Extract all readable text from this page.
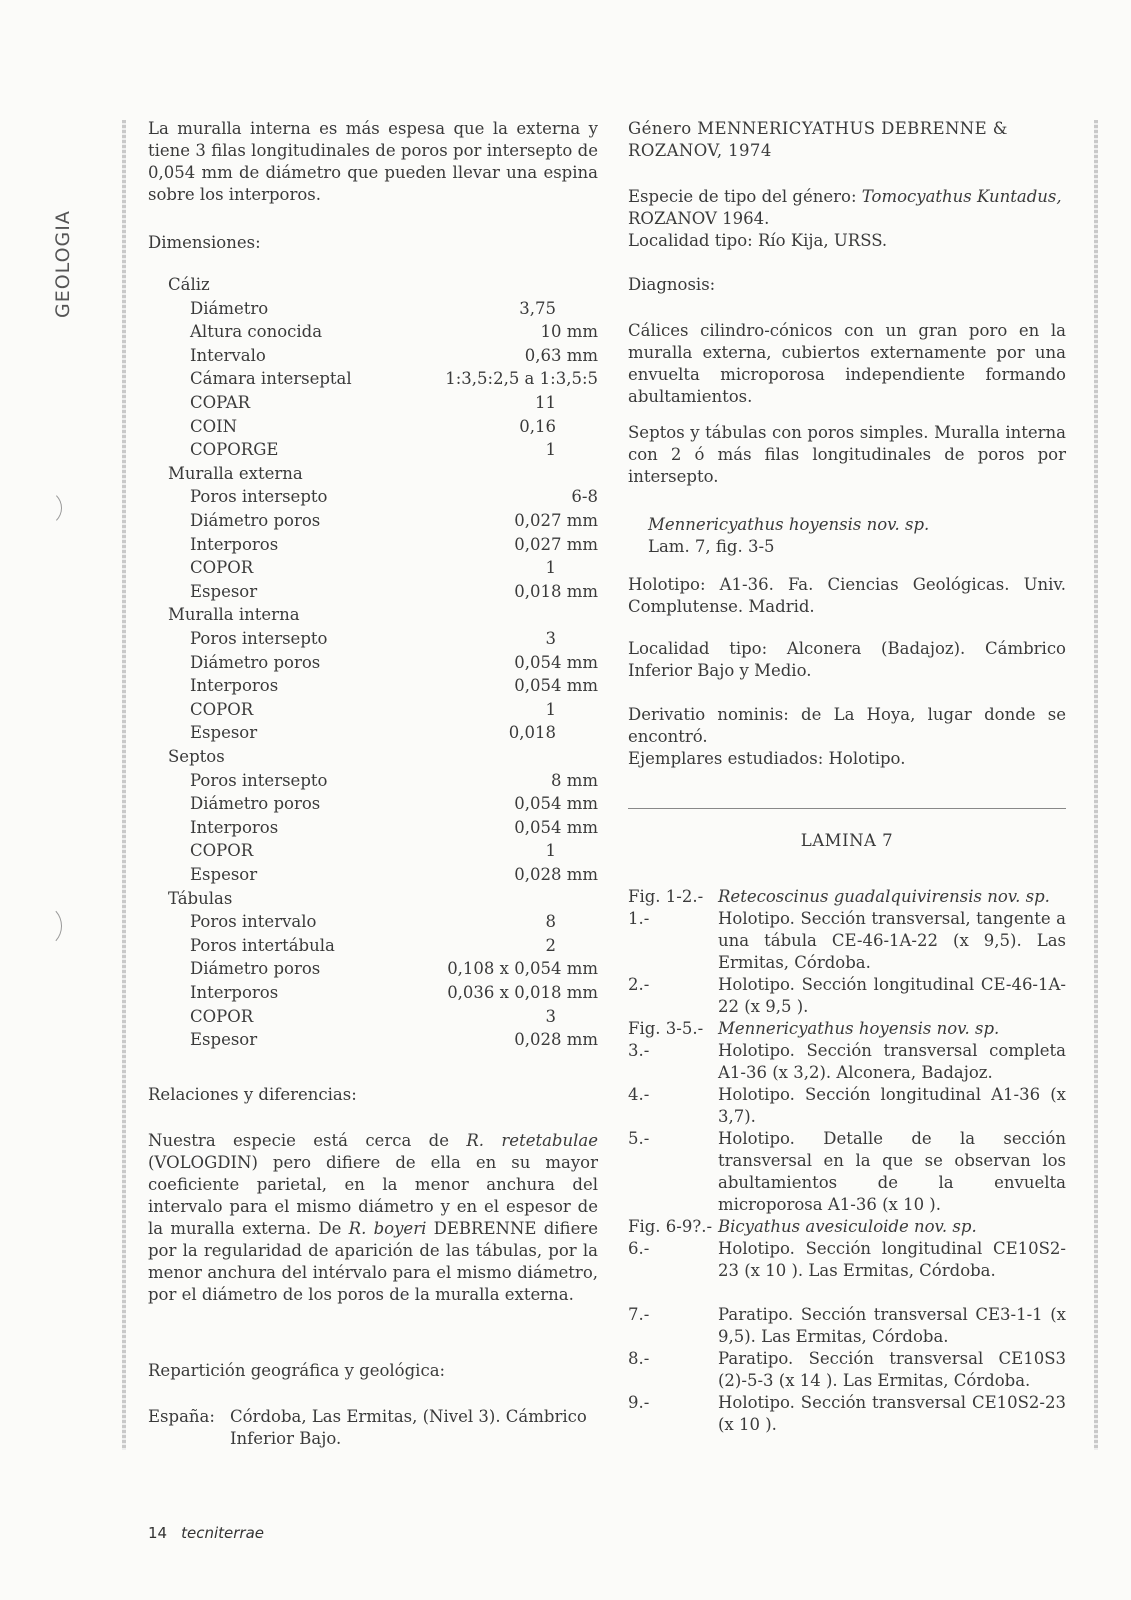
GEOLOGIA

La muralla interna es más espesa que la externa y tiene 3 filas longitudinales de poros por intersepto de 0,054 mm de diámetro que pueden llevar una espina sobre los interporos.

Dimensiones:

Cáliz
Diámetro	3,75
Altura conocida	10 mm
Intervalo	0,63 mm
Cámara interseptal	1:3,5:2,5 a 1:3,5:5
COPAR	11
COIN	0,16
COPORGE	1
Muralla externa
Poros intersepto	6-8
Diámetro poros	0,027 mm
Interporos	0,027 mm
COPOR	1
Espesor	0,018 mm
Muralla interna
Poros intersepto	3
Diámetro poros	0,054 mm
Interporos	0,054 mm
COPOR	1
Espesor	0,018
Septos
Poros intersepto	8 mm
Diámetro poros	0,054 mm
Interporos	0,054 mm
COPOR	1
Espesor	0,028 mm
Tábulas
Poros intervalo	8
Poros intertábula	2
Diámetro poros	0,108 x 0,054 mm
Interporos	0,036 x 0,018 mm
COPOR	3
Espesor	0,028 mm

Relaciones y diferencias:

Nuestra especie está cerca de R. retetabulae (VOLOGDIN) pero difiere de ella en su mayor coeficiente parietal, en la menor anchura del intervalo para el mismo diámetro y en el espesor de la muralla externa. De R. boyeri DEBRENNE difiere por la regularidad de aparición de las tábulas, por la menor anchura del intérvalo para el mismo diámetro, por el diámetro de los poros de la muralla externa.

Repartición geográfica y geológica:

España: Córdoba, Las Ermitas, (Nivel 3). Cámbrico Inferior Bajo.

Género MENNERICYATHUS DEBRENNE & ROZANOV, 1974

Especie de tipo del género: Tomocyathus Kuntadus, ROZANOV 1964.

Localidad tipo: Río Kija, URSS.

Diagnosis:

Cálices cilindro-cónicos con un gran poro en la muralla externa, cubiertos externamente por una envuelta microporosa independiente formando abultamientos.

Septos y tábulas con poros simples. Muralla interna con 2 ó más filas longitudinales de poros por intersepto.

Mennericyathus hoyensis nov. sp.

Lam. 7, fig. 3-5

Holotipo: A1-36. Fa. Ciencias Geológicas. Univ. Complutense. Madrid.

Localidad tipo: Alconera (Badajoz). Cámbrico Inferior Bajo y Medio.

Derivatio nominis: de La Hoya, lugar donde se encontró.

Ejemplares estudiados: Holotipo.

LAMINA 7

Fig. 1-2.- Retecoscinus guadalquivirensis nov. sp.
1.-	Holotipo. Sección transversal, tangente a una tábula CE-46-1A-22 (x 9,5). Las Ermitas, Córdoba.
2.-	Holotipo. Sección longitudinal CE-46-1A-22 (x 9,5 ).
Fig. 3-5.- Mennericyathus hoyensis nov. sp.
3.-	Holotipo. Sección transversal completa A1-36 (x 3,2). Alconera, Badajoz.
4.-	Holotipo. Sección longitudinal A1-36 (x 3,7).
5.-	Holotipo. Detalle de la sección transversal en la que se observan los abultamientos de la envuelta microporosa A1-36 (x 10 ).
Fig. 6-9?.- Bicyathus avesiculoide nov. sp.
6.-	Holotipo. Sección longitudinal CE10S2-23 (x 10 ). Las Ermitas, Córdoba.
7.-	Paratipo. Sección transversal CE3-1-1 (x 9,5). Las Ermitas, Córdoba.
8.-	Paratipo. Sección transversal CE10S3 (2)-5-3 (x 14 ). Las Ermitas, Córdoba.
9.-	Holotipo. Sección transversal CE10S2-23 (x 10 ).
14 tecniterrae
